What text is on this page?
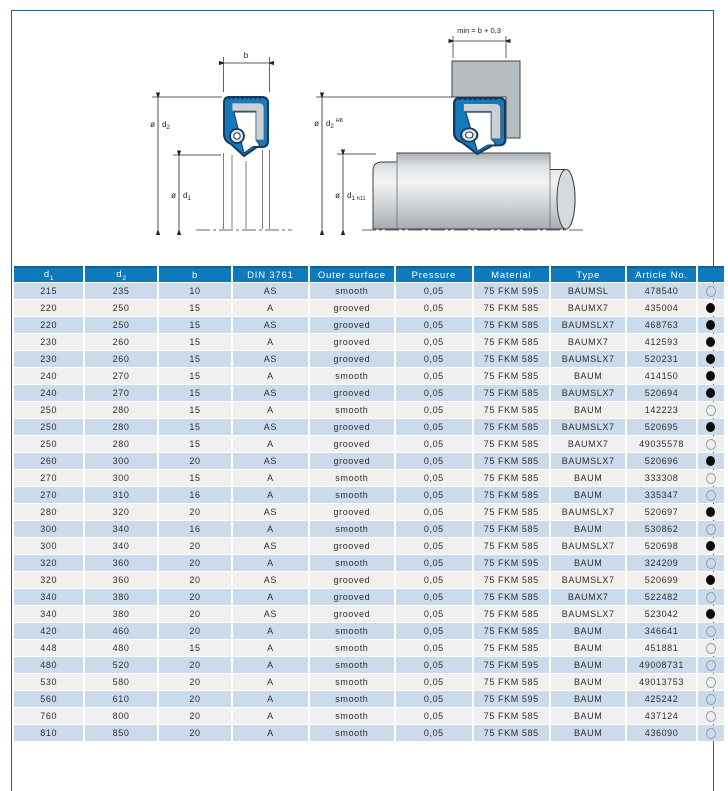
min = b + 0,3
ø $d_2^{H8}$
ø $d_1$ h11
b
ø $d_2$
ø $d_1$
$d_1$	$d_2$	b	DIN 3761	Outer surface	Pressure	Material	Type	Article No.	
215	235	10	AS	smooth	0,05	75 FKM 595	BAUMSL	478540	
220	250	15	A	grooved	0,05	75 FKM 585	BAUMX7	435004	
220	250	15	AS	grooved	0,05	75 FKM 585	BAUMSLX7	468763	
230	260	15	A	grooved	0,05	75 FKM 585	BAUMX7	412593	
230	260	15	AS	grooved	0,05	75 FKM 585	BAUMSLX7	520231	
240	270	15	A	smooth	0,05	75 FKM 585	BAUM	414150	
240	270	15	AS	grooved	0,05	75 FKM 585	BAUMSLX7	520694	
250	280	15	A	smooth	0,05	75 FKM 585	BAUM	142223	
250	280	15	AS	grooved	0,05	75 FKM 585	BAUMSLX7	520695	
250	280	15	A	grooved	0,05	75 FKM 585	BAUMX7	49035578	
260	300	20	AS	grooved	0,05	75 FKM 585	BAUMSLX7	520696	
270	300	15	A	smooth	0,05	75 FKM 585	BAUM	333308	
270	310	16	A	smooth	0,05	75 FKM 585	BAUM	335347	
280	320	20	AS	grooved	0,05	75 FKM 585	BAUMSLX7	520697	
300	340	16	A	smooth	0,05	75 FKM 585	BAUM	530862	
300	340	20	AS	grooved	0,05	75 FKM 585	BAUMSLX7	520698	
320	360	20	A	smooth	0,05	75 FKM 595	BAUM	324209	
320	360	20	AS	grooved	0,05	75 FKM 585	BAUMSLX7	520699	
340	380	20	A	grooved	0,05	75 FKM 585	BAUMX7	522482	
340	380	20	AS	grooved	0,05	75 FKM 585	BAUMSLX7	523042	
420	460	20	A	smooth	0,05	75 FKM 585	BAUM	346641	
448	480	15	A	smooth	0,05	75 FKM 585	BAUM	451881	
480	520	20	A	smooth	0,05	75 FKM 595	BAUM	49008731	
530	580	20	A	smooth	0,05	75 FKM 585	BAUM	49013753	
560	610	20	A	smooth	0,05	75 FKM 595	BAUM	425242	
760	800	20	A	smooth	0,05	75 FKM 585	BAUM	437124	
810	850	20	A	smooth	0,05	75 FKM 585	BAUM	436090	
